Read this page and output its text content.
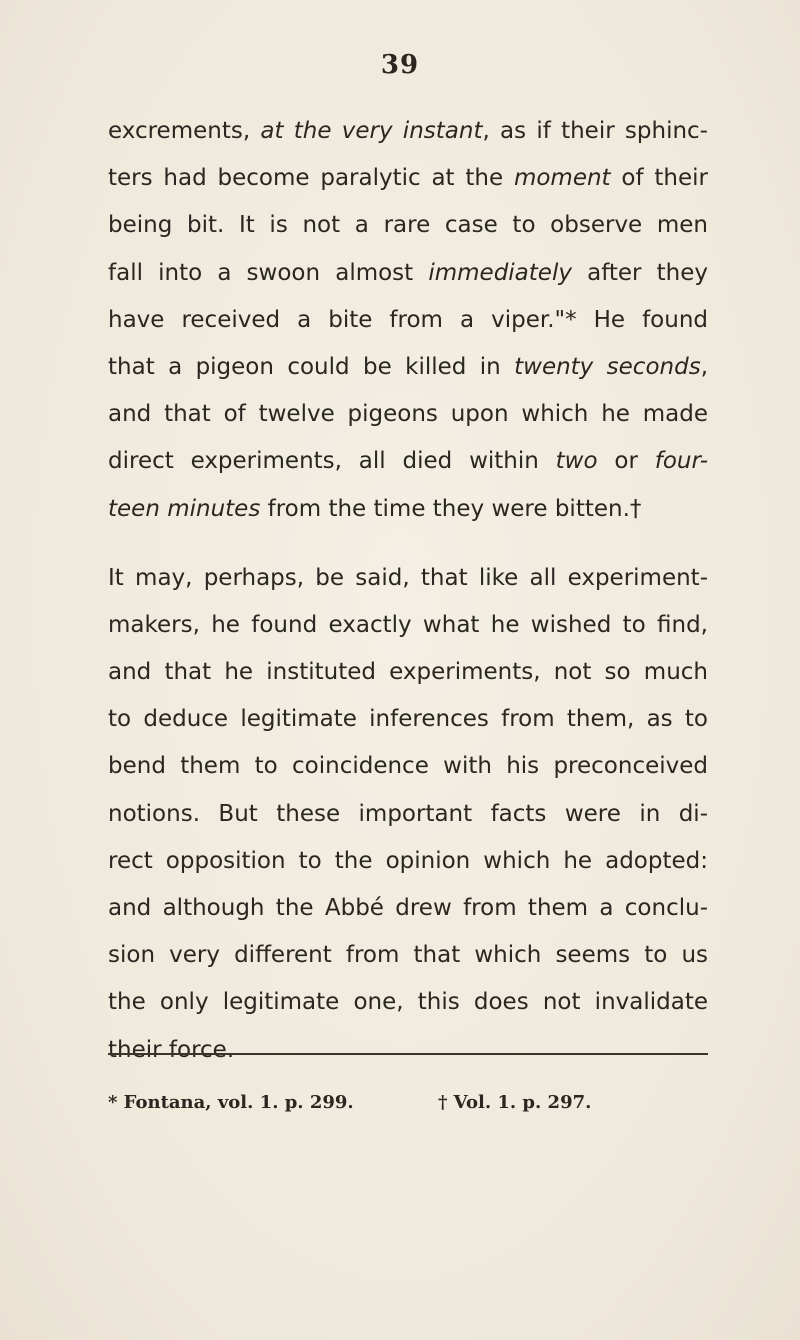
39
excrements, at the very instant, as if their sphinc-
ters had become paralytic at the moment of their
being bit. It is not a rare case to observe men
fall into a swoon almost immediately after they
have received a bite from a viper."* He found
that a pigeon could be killed in twenty seconds,
and that of twelve pigeons upon which he made
direct experiments, all died within two or four-
teen minutes from the time they were bitten.†
It may, perhaps, be said, that like all experiment-
makers, he found exactly what he wished to find,
and that he instituted experiments, not so much
to deduce legitimate inferences from them, as to
bend them to coincidence with his preconceived
notions. But these important facts were in di-
rect opposition to the opinion which he adopted:
and although the Abbé drew from them a conclu-
sion very different from that which seems to us
the only legitimate one, this does not invalidate
their force.
* Fontana, vol. 1. p. 299.	† Vol. 1. p. 297.
